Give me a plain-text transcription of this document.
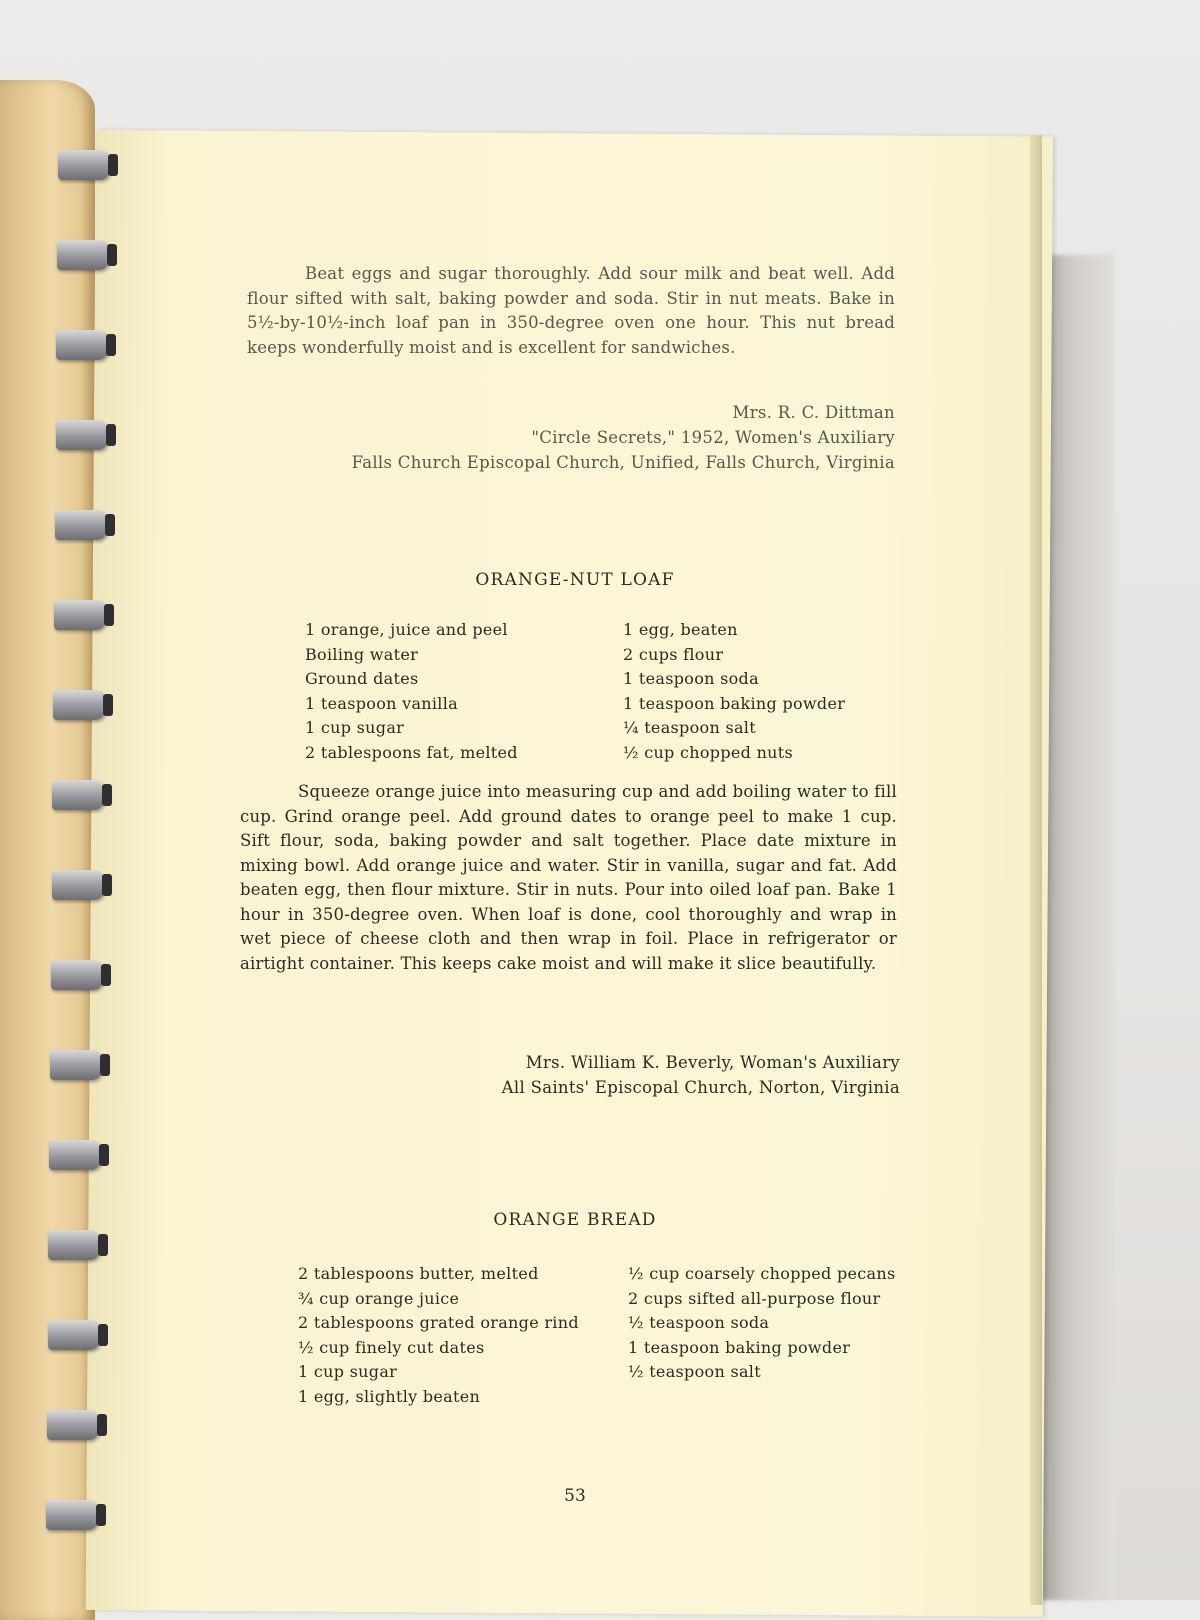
Beat eggs and sugar thoroughly. Add sour milk and beat well. Add flour sifted with salt, baking powder and soda. Stir in nut meats. Bake in 5½-by-10½-inch loaf pan in 350-degree oven one hour. This nut bread keeps wonderfully moist and is excellent for sandwiches.

Mrs. R. C. Dittman
"Circle Secrets," 1952, Women's Auxiliary
Falls Church Episcopal Church, Unified, Falls Church, Virginia
ORANGE-NUT LOAF
1 orange, juice and peel
Boiling water
Ground dates
1 teaspoon vanilla
1 cup sugar
2 tablespoons fat, melted
1 egg, beaten
2 cups flour
1 teaspoon soda
1 teaspoon baking powder
¼ teaspoon salt
½ cup chopped nuts

Squeeze orange juice into measuring cup and add boiling water to fill cup. Grind orange peel. Add ground dates to orange peel to make 1 cup. Sift flour, soda, baking powder and salt together. Place date mixture in mixing bowl. Add orange juice and water. Stir in vanilla, sugar and fat. Add beaten egg, then flour mixture. Stir in nuts. Pour into oiled loaf pan. Bake 1 hour in 350-degree oven. When loaf is done, cool thoroughly and wrap in wet piece of cheese cloth and then wrap in foil. Place in refrigerator or airtight container. This keeps cake moist and will make it slice beautifully.

Mrs. William K. Beverly, Woman's Auxiliary
All Saints' Episcopal Church, Norton, Virginia
ORANGE BREAD
2 tablespoons butter, melted
¾ cup orange juice
2 tablespoons grated orange rind
½ cup finely cut dates
1 cup sugar
1 egg, slightly beaten
½ cup coarsely chopped pecans
2 cups sifted all-purpose flour
½ teaspoon soda
1 teaspoon baking powder
½ teaspoon salt
53
